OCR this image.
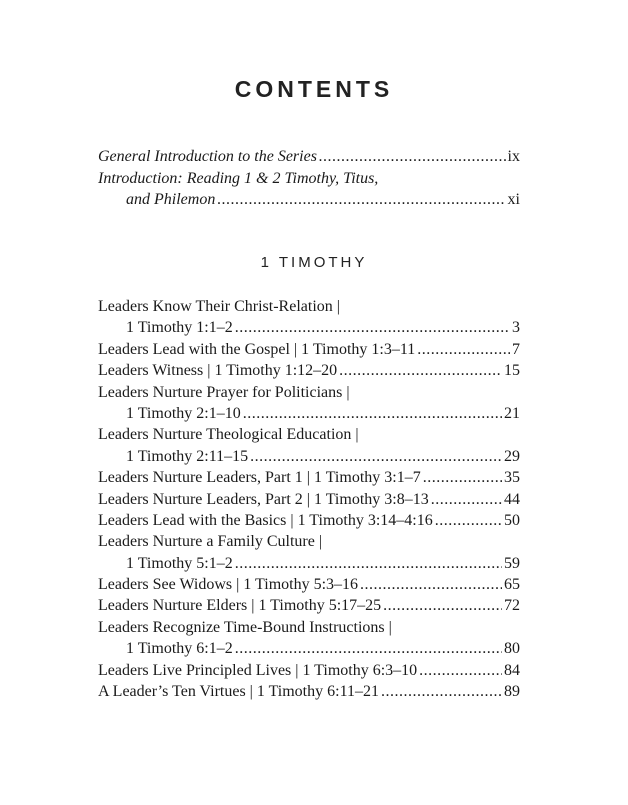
CONTENTS
General Introduction to the Series .....	ix
Introduction: Reading 1 & 2 Timothy, Titus,
and Philemon .....	xi
1 TIMOTHY
Leaders Know Their Christ-Relation |
1 Timothy 1:1–2 .....	3
Leaders Lead with the Gospel | 1 Timothy 1:3–11 .....	7
Leaders Witness | 1 Timothy 1:12–20 .....	15
Leaders Nurture Prayer for Politicians |
1 Timothy 2:1–10 .....	21
Leaders Nurture Theological Education |
1 Timothy 2:11–15 .....	29
Leaders Nurture Leaders, Part 1 | 1 Timothy 3:1–7 .....	35
Leaders Nurture Leaders, Part 2 | 1 Timothy 3:8–13 .....	44
Leaders Lead with the Basics | 1 Timothy 3:14–4:16 .....	50
Leaders Nurture a Family Culture |
1 Timothy 5:1–2 .....	59
Leaders See Widows | 1 Timothy 5:3–16 .....	65
Leaders Nurture Elders | 1 Timothy 5:17–25 .....	72
Leaders Recognize Time-Bound Instructions |
1 Timothy 6:1–2 .....	80
Leaders Live Principled Lives | 1 Timothy 6:3–10 .....	84
A Leader’s Ten Virtues | 1 Timothy 6:11–21 .....	89
